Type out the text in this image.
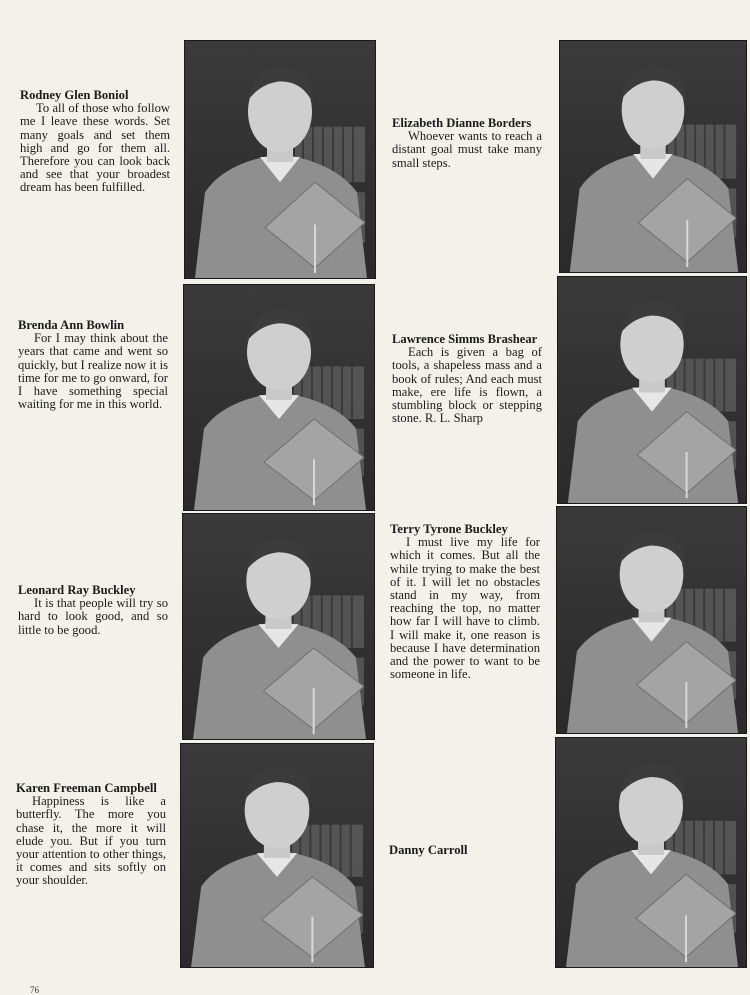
Rodney Glen Boniol
To all of those who follow me I leave these words. Set many goals and set them high and go for them all. Therefore you can look back and see that your broadest dream has been fulfilled.
Elizabeth Dianne Borders
Whoever wants to reach a distant goal must take many small steps.
Brenda Ann Bowlin
For I may think about the years that came and went so quickly, but I realize now it is time for me to go onward, for I have something special waiting for me in this world.
Lawrence Simms Brashear
Each is given a bag of tools, a shapeless mass and a book of rules; And each must make, ere life is flown, a stumbling block or stepping stone. R. L. Sharp
Leonard Ray Buckley
It is that people will try so hard to look good, and so little to be good.
Terry Tyrone Buckley
I must live my life for which it comes. But all the while trying to make the best of it. I will let no obstacles stand in my way, from reaching the top, no matter how far I will have to climb. I will make it, one reason is because I have determination and the power to want to be someone in life.
Karen Freeman Campbell
Happiness is like a butterfly. The more you chase it, the more it will elude you. But if you turn your attention to other things, it comes and sits softly on your shoulder.
Danny Carroll
76
